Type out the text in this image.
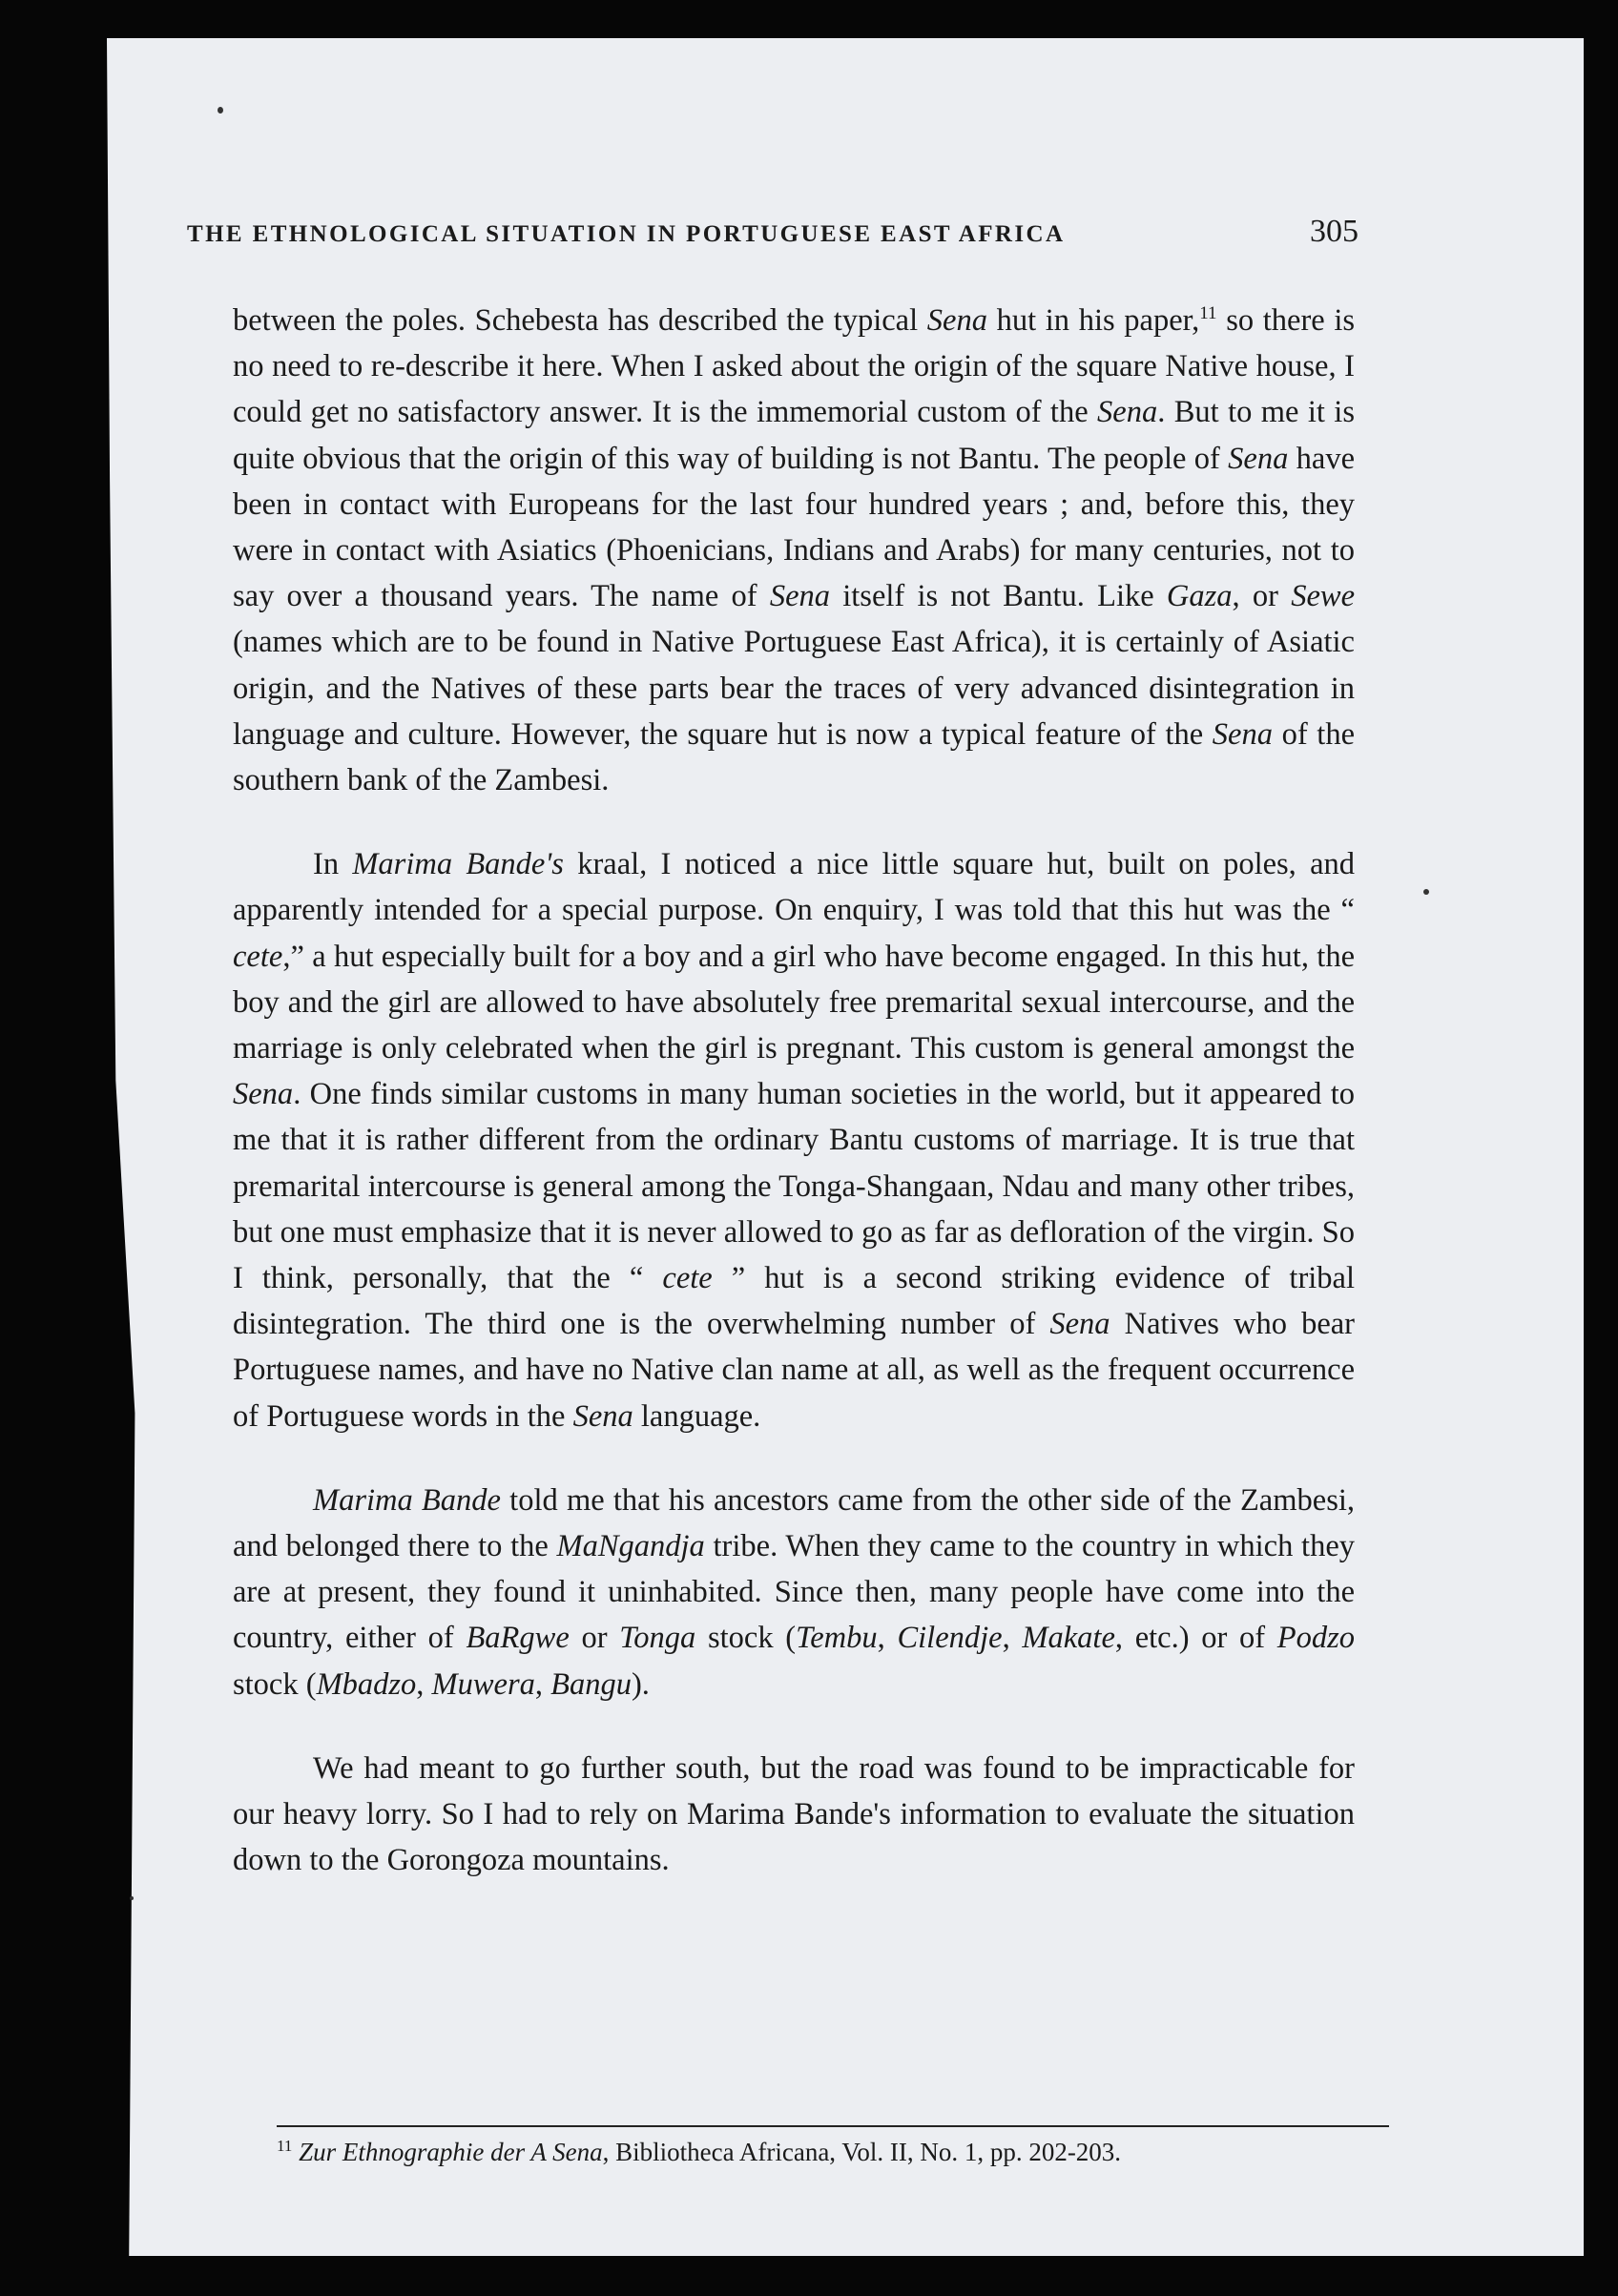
THE ETHNOLOGICAL SITUATION IN PORTUGUESE EAST AFRICA	305

between the poles. Schebesta has described the typical Sena hut in his paper,$^{11}$ so there is no need to re-describe it here. When I asked about the origin of the square Native house, I could get no satisfactory answer. It is the immemorial custom of the Sena. But to me it is quite obvious that the origin of this way of building is not Bantu. The people of Sena have been in contact with Europeans for the last four hundred years ; and, before this, they were in contact with Asiatics (Phoenicians, Indians and Arabs) for many centuries, not to say over a thousand years. The name of Sena itself is not Bantu. Like Gaza, or Sewe (names which are to be found in Native Portuguese East Africa), it is certainly of Asiatic origin, and the Natives of these parts bear the traces of very advanced disintegration in language and culture. However, the square hut is now a typical feature of the Sena of the southern bank of the Zambesi.

In Marima Bande's kraal, I noticed a nice little square hut, built on poles, and apparently intended for a special purpose. On enquiry, I was told that this hut was the “ cete,” a hut especially built for a boy and a girl who have become engaged. In this hut, the boy and the girl are allowed to have absolutely free premarital sexual intercourse, and the marriage is only celebrated when the girl is pregnant. This custom is general amongst the Sena. One finds similar customs in many human societies in the world, but it appeared to me that it is rather different from the ordinary Bantu customs of marriage. It is true that premarital intercourse is general among the Tonga-Shangaan, Ndau and many other tribes, but one must emphasize that it is never allowed to go as far as defloration of the virgin. So I think, personally, that the “ cete ” hut is a second striking evidence of tribal disintegration. The third one is the overwhelming number of Sena Natives who bear Portuguese names, and have no Native clan name at all, as well as the frequent occurrence of Portuguese words in the Sena language.

Marima Bande told me that his ancestors came from the other side of the Zambesi, and belonged there to the MaNgandja tribe. When they came to the country in which they are at present, they found it uninhabited. Since then, many people have come into the country, either of BaRgwe or Tonga stock (Tembu, Cilendje, Makate, etc.) or of Podzo stock (Mbadzo, Muwera, Bangu).

We had meant to go further south, but the road was found to be impracticable for our heavy lorry. So I had to rely on Marima Bande's information to evaluate the situation down to the Gorongoza mountains.

$^{11}$ Zur Ethnographie der A Sena, Bibliotheca Africana, Vol. II, No. 1, pp. 202-203.
